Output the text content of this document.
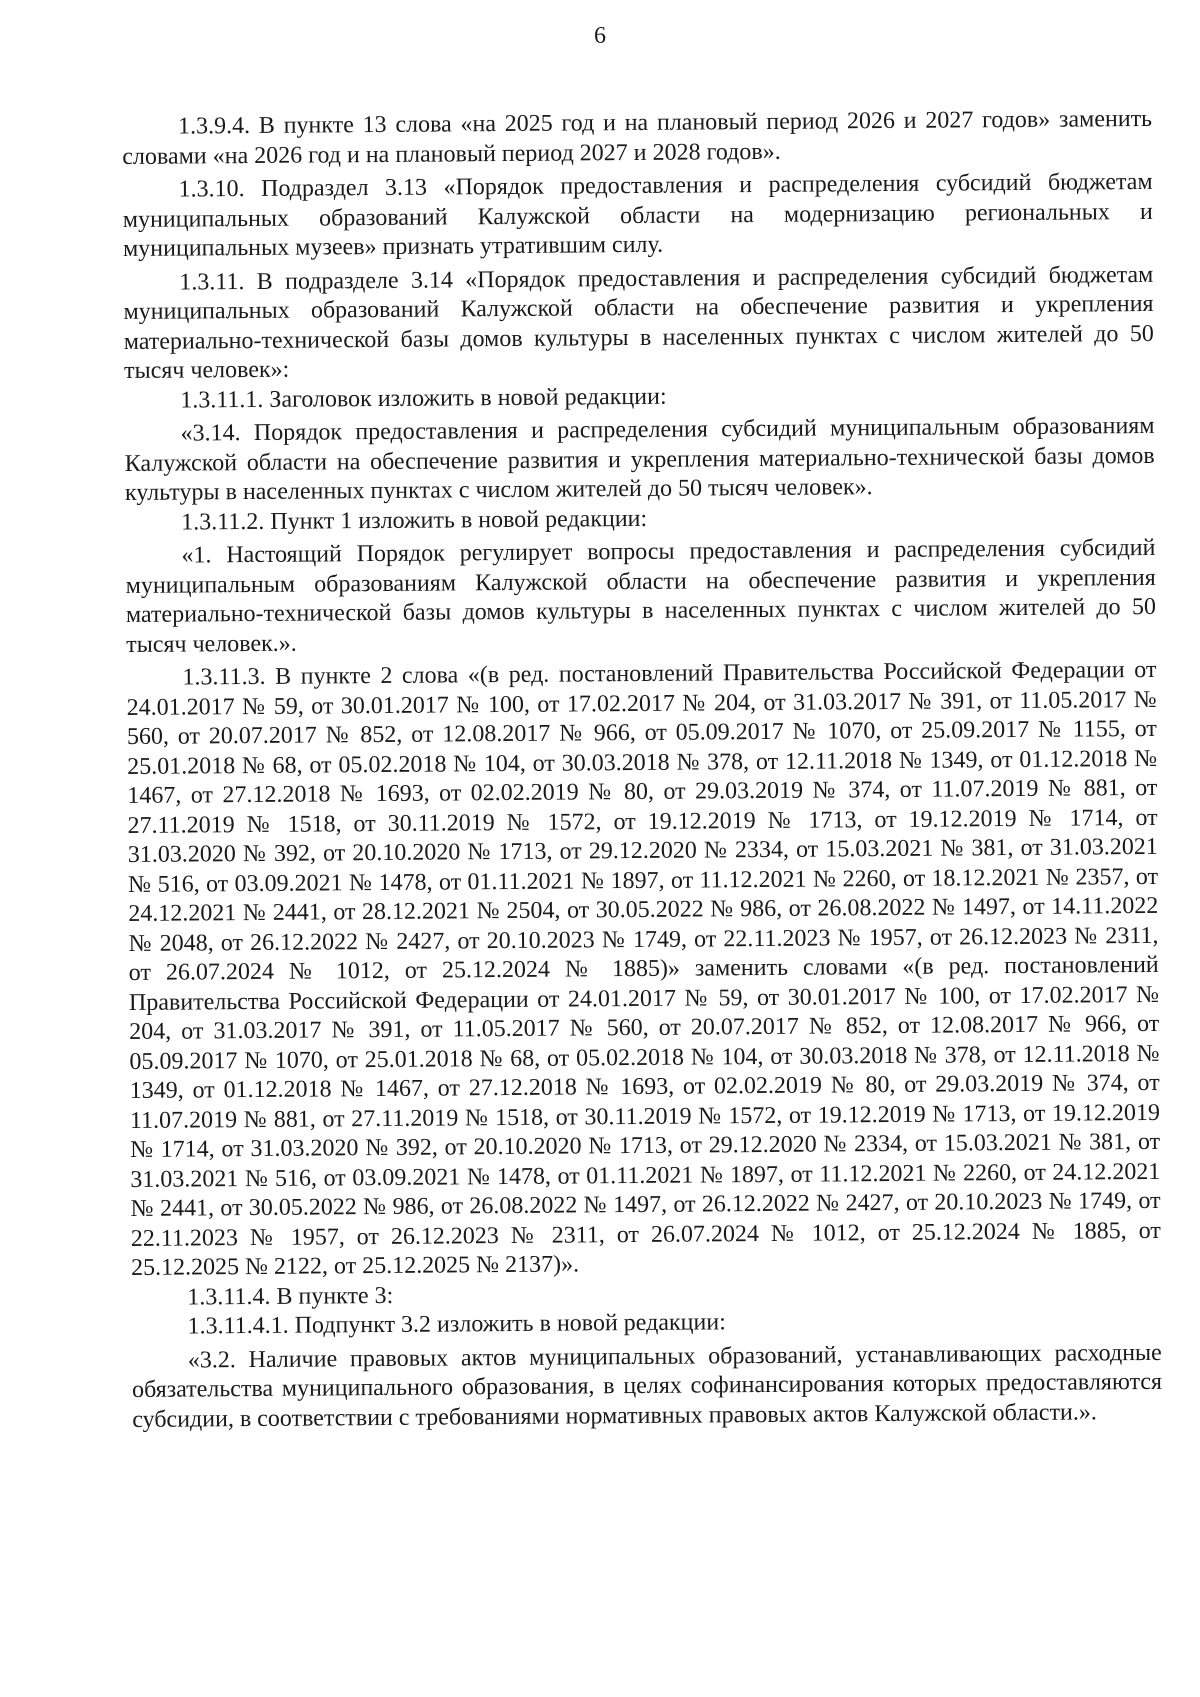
6

1.3.9.4. В пункте 13 слова «на 2025 год и на плановый период 2026 и 2027 годов» заменить словами «на 2026 год и на плановый период 2027 и 2028 годов».

1.3.10. Подраздел 3.13 «Порядок предоставления и распределения субсидий бюджетам муниципальных образований Калужской области на модернизацию региональных и муниципальных музеев» признать утратившим силу.

1.3.11. В подразделе 3.14 «Порядок предоставления и распределения субсидий бюджетам муниципальных образований Калужской области на обеспечение развития и укрепления материально-технической базы домов культуры в населенных пунктах с числом жителей до 50 тысяч человек»:

1.3.11.1. Заголовок изложить в новой редакции:

«3.14. Порядок предоставления и распределения субсидий муниципальным образованиям Калужской области на обеспечение развития и укрепления материально-технической базы домов культуры в населенных пунктах с числом жителей до 50 тысяч человек».

1.3.11.2. Пункт 1 изложить в новой редакции:

«1. Настоящий Порядок регулирует вопросы предоставления и распределения субсидий муниципальным образованиям Калужской области на обеспечение развития и укрепления материально-технической базы домов культуры в населенных пунктах с числом жителей до 50 тысяч человек.».

1.3.11.3. В пункте 2 слова «(в ред. постановлений Правительства Российской Федерации от 24.01.2017 № 59, от 30.01.2017 № 100, от 17.02.2017 № 204, от 31.03.2017 № 391, от 11.05.2017 № 560, от 20.07.2017 № 852, от 12.08.2017 № 966, от 05.09.2017 № 1070, от 25.09.2017 № 1155, от 25.01.2018 № 68, от 05.02.2018 № 104, от 30.03.2018 № 378, от 12.11.2018 № 1349, от 01.12.2018 № 1467, от 27.12.2018 № 1693, от 02.02.2019 № 80, от 29.03.2019 № 374, от 11.07.2019 № 881, от 27.11.2019 № 1518, от 30.11.2019 № 1572, от 19.12.2019 № 1713, от 19.12.2019 № 1714, от 31.03.2020 № 392, от 20.10.2020 № 1713, от 29.12.2020 № 2334, от 15.03.2021 № 381, от 31.03.2021 № 516, от 03.09.2021 № 1478, от 01.11.2021 № 1897, от 11.12.2021 № 2260, от 18.12.2021 № 2357, от 24.12.2021 № 2441, от 28.12.2021 № 2504, от 30.05.2022 № 986, от 26.08.2022 № 1497, от 14.11.2022 № 2048, от 26.12.2022 № 2427, от 20.10.2023 № 1749, от 22.11.2023 № 1957, от 26.12.2023 № 2311, от 26.07.2024 № 1012, от 25.12.2024 № 1885)» заменить словами «(в ред. постановлений Правительства Российской Федерации от 24.01.2017 № 59, от 30.01.2017 № 100, от 17.02.2017 № 204, от 31.03.2017 № 391, от 11.05.2017 № 560, от 20.07.2017 № 852, от 12.08.2017 № 966, от 05.09.2017 № 1070, от 25.01.2018 № 68, от 05.02.2018 № 104, от 30.03.2018 № 378, от 12.11.2018 № 1349, от 01.12.2018 № 1467, от 27.12.2018 № 1693, от 02.02.2019 № 80, от 29.03.2019 № 374, от 11.07.2019 № 881, от 27.11.2019 № 1518, от 30.11.2019 № 1572, от 19.12.2019 № 1713, от 19.12.2019 № 1714, от 31.03.2020 № 392, от 20.10.2020 № 1713, от 29.12.2020 № 2334, от 15.03.2021 № 381, от 31.03.2021 № 516, от 03.09.2021 № 1478, от 01.11.2021 № 1897, от 11.12.2021 № 2260, от 24.12.2021 № 2441, от 30.05.2022 № 986, от 26.08.2022 № 1497, от 26.12.2022 № 2427, от 20.10.2023 № 1749, от 22.11.2023 № 1957, от 26.12.2023 № 2311, от 26.07.2024 № 1012, от 25.12.2024 № 1885, от 25.12.2025 № 2122, от 25.12.2025 № 2137)».

1.3.11.4. В пункте 3:

1.3.11.4.1. Подпункт 3.2 изложить в новой редакции:

«3.2. Наличие правовых актов муниципальных образований, устанавливающих расходные обязательства муниципального образования, в целях софинансирования которых предоставляются субсидии, в соответствии с требованиями нормативных правовых актов Калужской области.».
